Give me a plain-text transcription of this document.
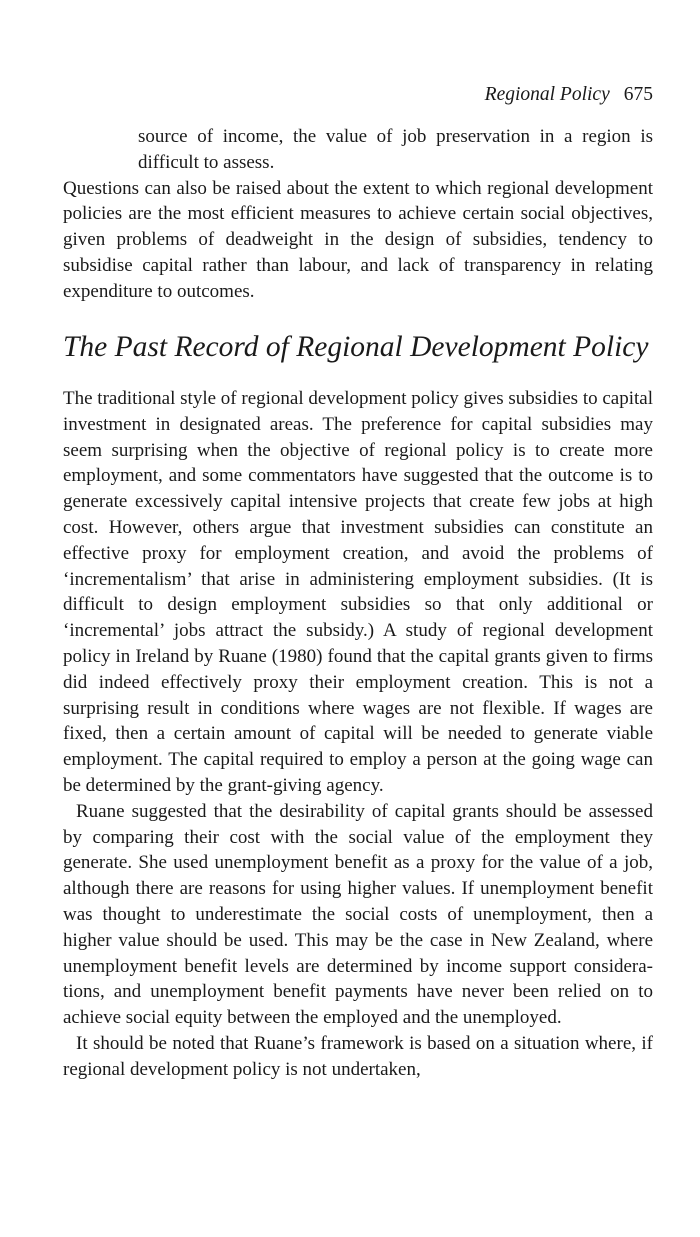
Regional Policy 675

source of income, the value of job preservation in a region is difficult to assess.

Questions can also be raised about the extent to which regional development policies are the most efficient measures to achieve certain social objectives, given problems of deadweight in the design of subsidies, tendency to subsidise capital rather than labour, and lack of transparency in relating expenditure to outcomes.

The Past Record of Regional Development Policy

The traditional style of regional development policy gives subsidies to capital investment in designated areas. The preference for capital subsidies may seem surprising when the objective of regional policy is to create more employment, and some commentators have suggested that the outcome is to generate excessively capital intensive projects that create few jobs at high cost. However, others argue that investment subsidies can constitute an effective proxy for employment creation, and avoid the problems of ‘incrementalism’ that arise in administering employment subsidies. (It is difficult to design employment subsidies so that only additional or ‘incremental’ jobs attract the subsidy.) A study of regional development policy in Ireland by Ruane (1980) found that the capital grants given to firms did indeed effectively proxy their employment creation. This is not a surprising result in conditions where wages are not flexible. If wages are fixed, then a certain amount of capital will be needed to generate viable employment. The capital required to employ a person at the going wage can be determined by the grant-giving agency.

Ruane suggested that the desirability of capital grants should be assessed by comparing their cost with the social value of the employment they generate. She used unemployment benefit as a proxy for the value of a job, although there are reasons for using higher values. If unemployment benefit was thought to underestimate the social costs of unemployment, then a higher value should be used. This may be the case in New Zealand, where unemployment benefit levels are determined by income support considerations, and unemployment benefit payments have never been relied on to achieve social equity between the employed and the unemployed.

It should be noted that Ruane’s framework is based on a situation where, if regional development policy is not undertaken,
